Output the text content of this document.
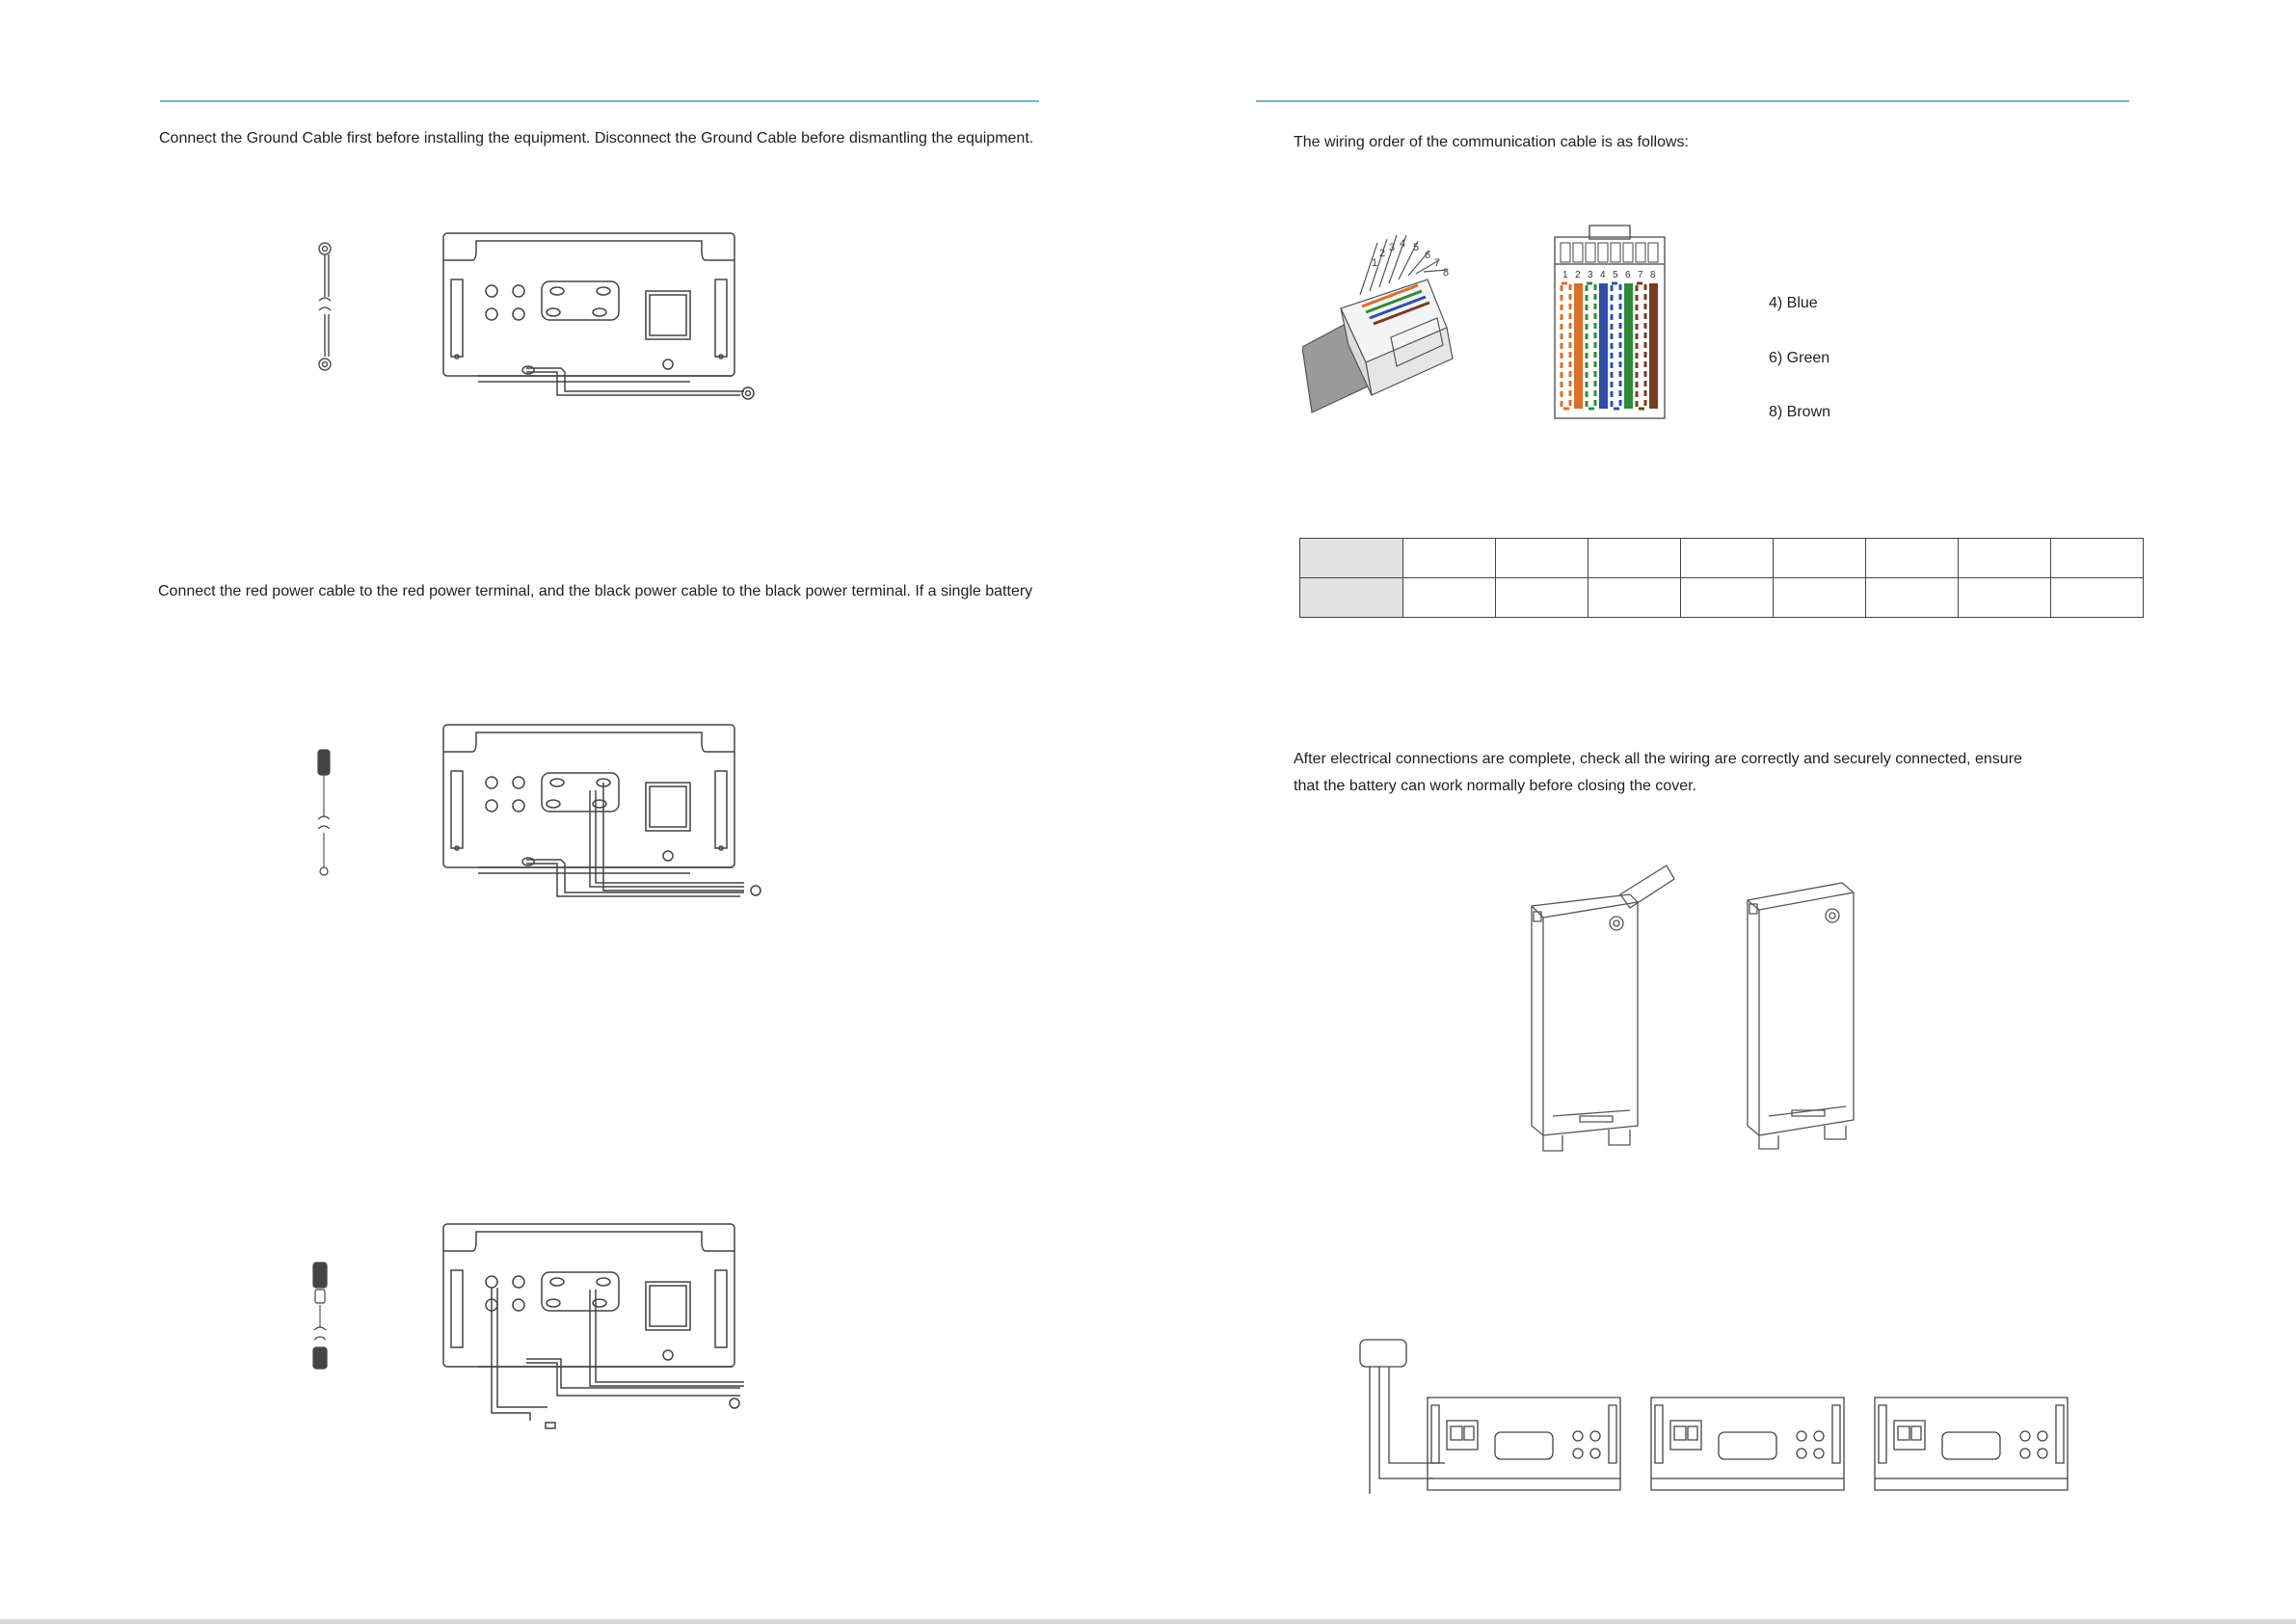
Connect the Ground Cable first before installing the equipment. Disconnect the Ground Cable before dismantling the equipment.
Connect the red power cable to the red power terminal, and the black power cable to the black power terminal. If a single battery
The wiring order of the communication cable is as follows:
1
2 3 4 5
6
7
8	1 2 3 4 5 6 7 8
4) Blue
6) Green
8) Brown

After electrical connections are complete, check all the wiring are correctly and securely connected, ensure
that the battery can work normally before closing the cover.
